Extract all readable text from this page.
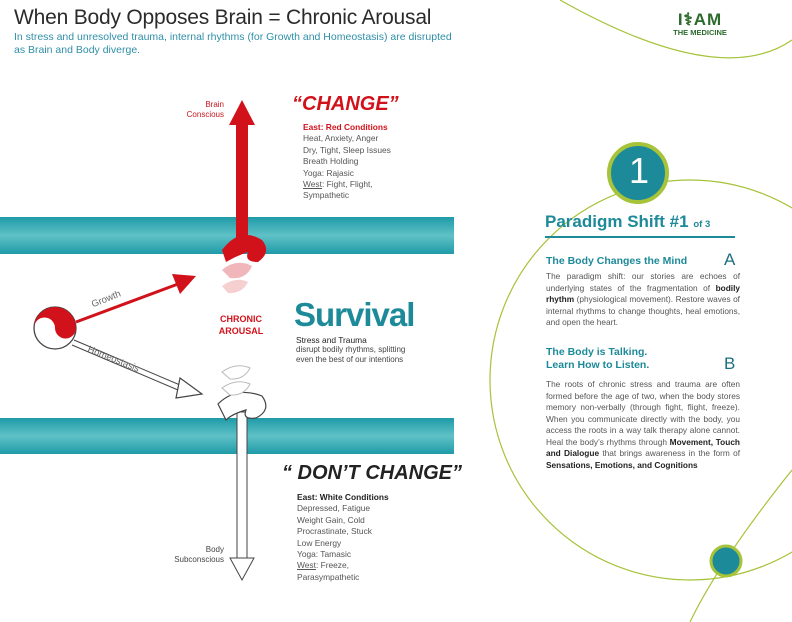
When Body Opposes Brain = Chronic Arousal
In stress and unresolved trauma, internal rhythms (for Growth and Homeostasis) are disrupted as Brain and Body diverge.
I⚕AM
THE MEDICINE
Brain
Conscious
Body
Subconscious
“CHANGE”
East: Red Conditions
Heat, Anxiety, Anger
Dry, Tight, Sleep Issues
Breath Holding
Yoga: Rajasic
West: Fight, Flight,
Sympathetic
“ DON’T CHANGE”
East: White Conditions
Depressed, Fatigue
Weight Gain, Cold
Procrastinate, Stuck
Low Energy
Yoga: Tamasic
West: Freeze,
Parasympathetic
Survival
Stress and Trauma
disrupt bodily rhythms, splitting even the best of our intentions
CHRONIC
AROUSAL
Growth
Homeostasis
1
Paradigm Shift #1 of 3
The Body Changes the Mind A
The paradigm shift: our stories are echoes of underlying states of the fragmentation of bodily rhythm (physiological movement). Restore waves of internal rhythms to change thoughts, heal emotions, and open the heart.
The Body is Talking.
Learn How to Listen.	B
The roots of chronic stress and trauma are often formed before the age of two, when the body stores memory non-verbally (through fight, flight, freeze). When you communicate directly with the body, you access the roots in a way talk therapy alone cannot. Heal the body’s rhythms through Movement, Touch and Dialogue that brings awareness in the form of Sensations, Emotions, and Cognitions
